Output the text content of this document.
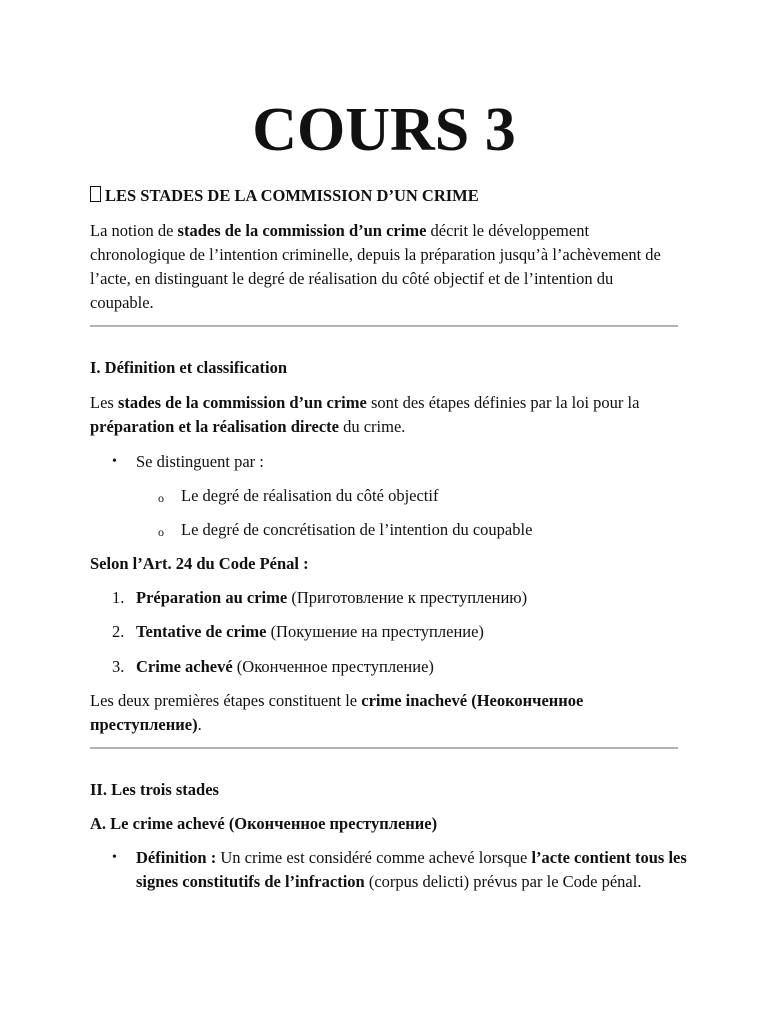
COURS 3

LES STADES DE LA COMMISSION D’UN CRIME

La notion de stades de la commission d’un crime décrit le développement chronologique de l’intention criminelle, depuis la préparation jusqu’à l’achèvement de l’acte, en distinguant le degré de réalisation du côté objectif et de l’intention du coupable.

I. Définition et classification

Les stades de la commission d’un crime sont des étapes définies par la loi pour la préparation et la réalisation directe du crime.

• Se distinguent par :
o Le degré de réalisation du côté objectif
o Le degré de concrétisation de l’intention du coupable

Selon l’Art. 24 du Code Pénal :

1. Préparation au crime (Приготовление к преступлению)
2. Tentative de crime (Покушение на преступление)
3. Crime achevé (Оконченное преступление)

Les deux premières étapes constituent le crime inachevé (Неоконченное преступление).

II. Les trois stades

A. Le crime achevé (Оконченное преступление)

• Définition : Un crime est considéré comme achevé lorsque l’acte contient tous les signes constitutifs de l’infraction (corpus delicti) prévus par le Code pénal.
